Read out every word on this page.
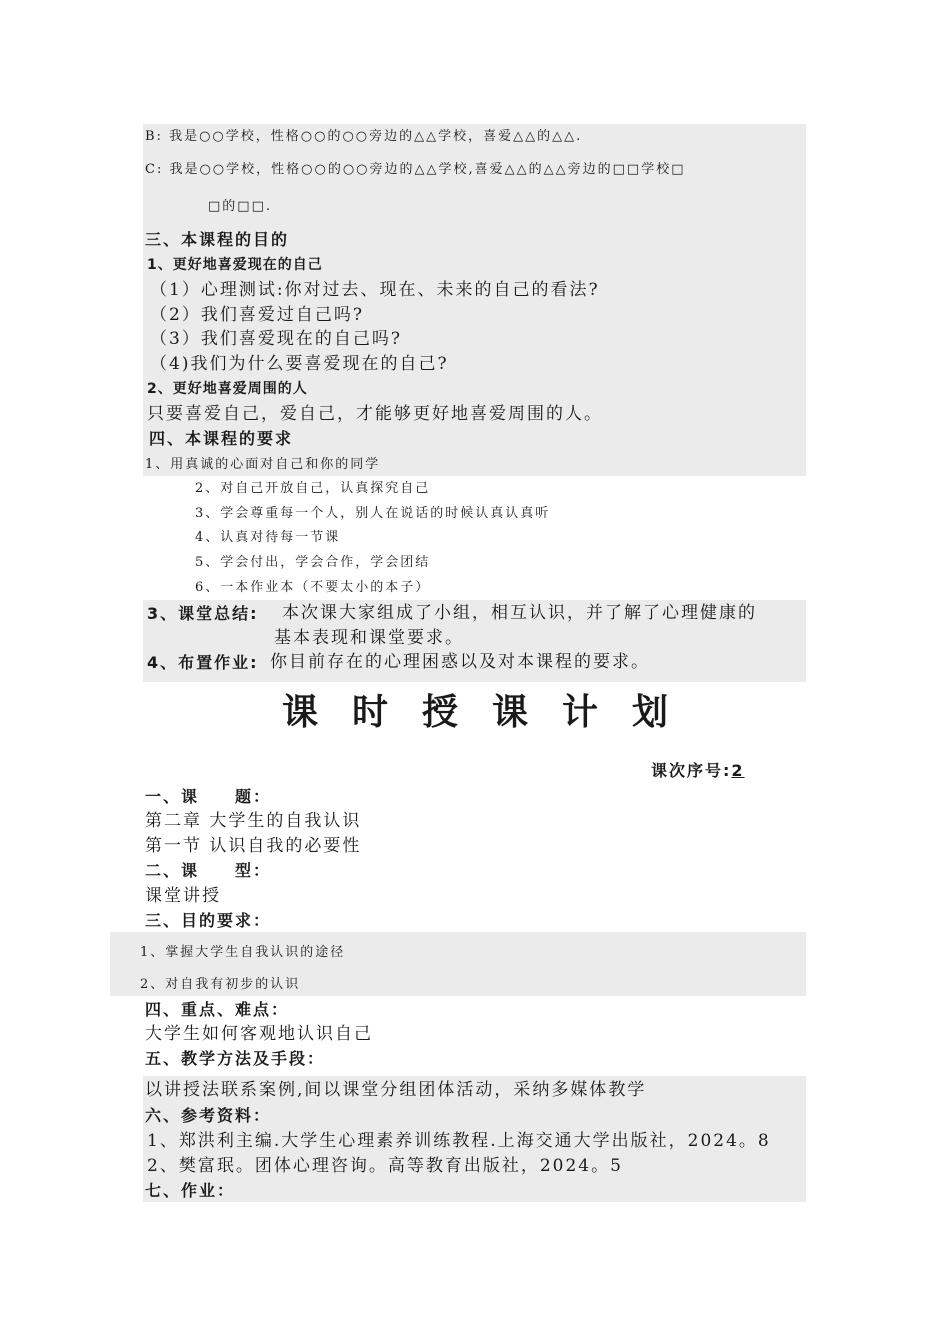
B: 我是○○学校，性格○○的○○旁边的△△学校，喜爱△△的△△.
C: 我是○○学校，性格○○的○○旁边的△△学校,喜爱△△的△△旁边的□□学校□
□的□□.
三、本课程的目的
1、更好地喜爱现在的自己
（1）心理测试:你对过去、现在、未来的自己的看法?
（2）我们喜爱过自己吗?
（3）我们喜爱现在的自己吗?
（4)我们为什么要喜爱现在的自己?
2、更好地喜爱周围的人
只要喜爱自己，爱自己，才能够更好地喜爱周围的人。
四、本课程的要求
1、用真诚的心面对自己和你的同学
2、对自己开放自己，认真探究自己
3、学会尊重每一个人，别人在说话的时候认真认真听
4、认真对待每一节课
5、学会付出，学会合作，学会团结
6、一本作业本（不要太小的本子）
3、课堂总结: 本次课大家组成了小组，相互认识，并了解了心理健康的
基本表现和课堂要求。
4、布置作业: 你目前存在的心理困惑以及对本课程的要求。
课时授课计划
课次序号:2
一、课　　题：
第二章 大学生的自我认识
第一节 认识自我的必要性
二、课　　型：
课堂讲授
三、目的要求：
1、掌握大学生自我认识的途径
2、对自我有初步的认识
四、重点、难点：
大学生如何客观地认识自己
五、教学方法及手段：
以讲授法联系案例,间以课堂分组团体活动，采纳多媒体教学
六、参考资料：
1、郑洪利主编.大学生心理素养训练教程.上海交通大学出版社，2024。8
2、樊富珉。团体心理咨询。高等教育出版社，2024。5
七、作业：
